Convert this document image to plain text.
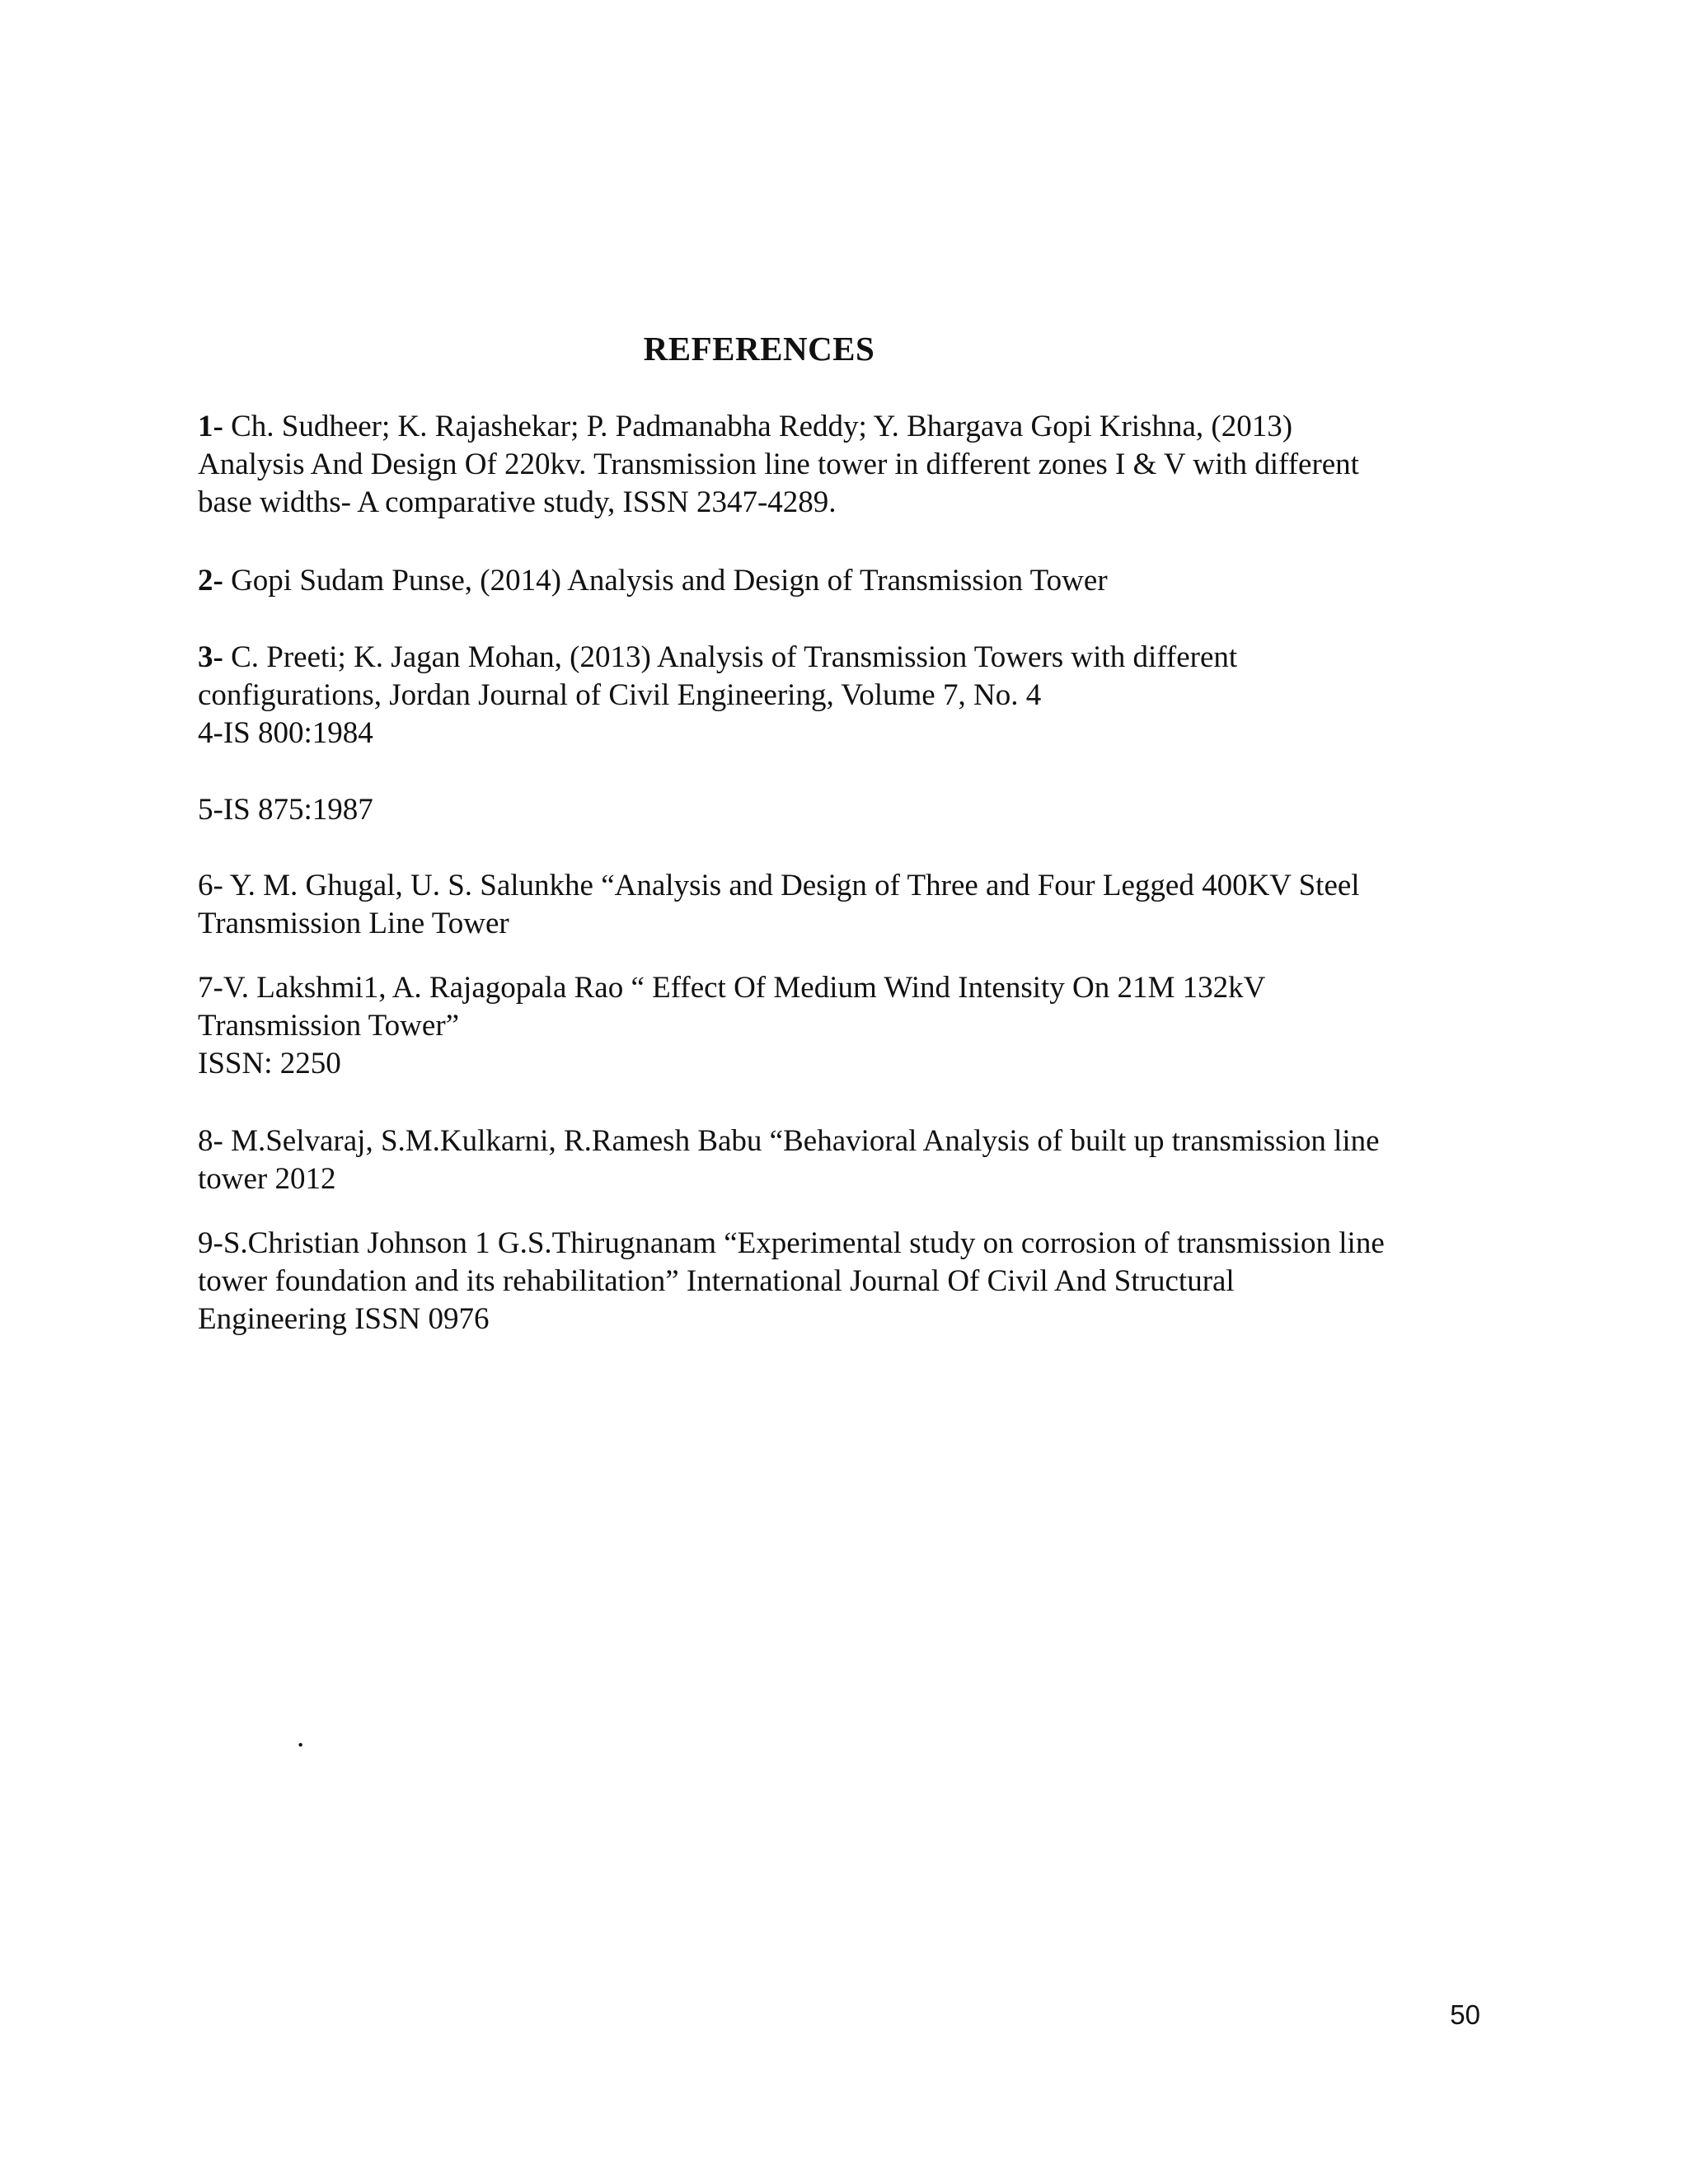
REFERENCES
1- Ch. Sudheer; K. Rajashekar; P. Padmanabha Reddy; Y. Bhargava Gopi Krishna, (2013)
Analysis And Design Of 220kv. Transmission line tower in different zones I & V with different
base widths- A comparative study, ISSN 2347-4289.
2- Gopi Sudam Punse, (2014) Analysis and Design of Transmission Tower
3- C. Preeti; K. Jagan Mohan, (2013) Analysis of Transmission Towers with different
configurations, Jordan Journal of Civil Engineering, Volume 7, No. 4
4-IS 800:1984
5-IS 875:1987
6- Y. M. Ghugal, U. S. Salunkhe “Analysis and Design of Three and Four Legged 400KV Steel
Transmission Line Tower
7-V. Lakshmi1, A. Rajagopala Rao “ Effect Of Medium Wind Intensity On 21M 132kV
Transmission Tower”
ISSN: 2250
8- M.Selvaraj, S.M.Kulkarni, R.Ramesh Babu “Behavioral Analysis of built up transmission line
tower 2012
9-S.Christian Johnson 1 G.S.Thirugnanam “Experimental study on corrosion of transmission line
tower foundation and its rehabilitation” International Journal Of Civil And Structural
Engineering ISSN 0976
.
50
